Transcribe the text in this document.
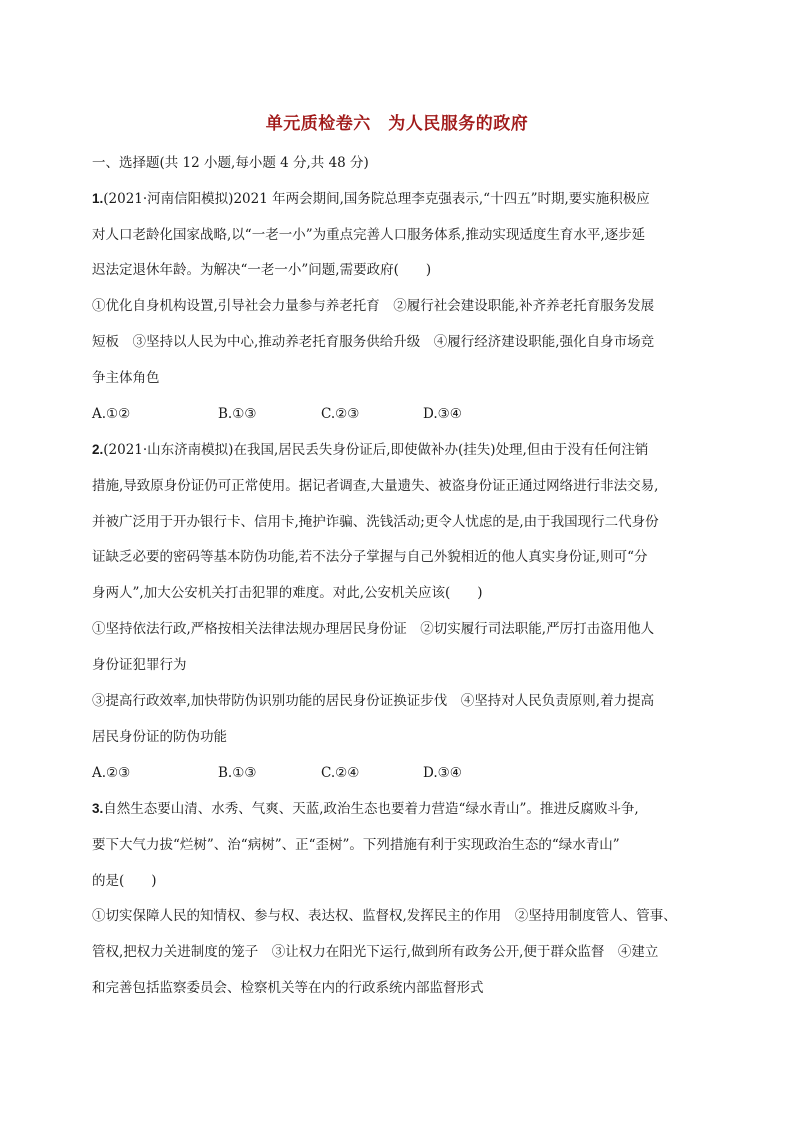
单元质检卷六　为人民服务的政府
一、选择题(共 12 小题,每小题 4 分,共 48 分)
1.(2021·河南信阳模拟)2021 年两会期间,国务院总理李克强表示,“十四五”时期,要实施积极应
对人口老龄化国家战略,以“一老一小”为重点完善人口服务体系,推动实现适度生育水平,逐步延
迟法定退休年龄。为解决“一老一小”问题,需要政府(　　)
①优化自身机构设置,引导社会力量参与养老托育　②履行社会建设职能,补齐养老托育服务发展
短板　③坚持以人民为中心,推动养老托育服务供给升级　④履行经济建设职能,强化自身市场竞
争主体角色
A.①②	B.①③	C.②③	D.③④
2.(2021·山东济南模拟)在我国,居民丢失身份证后,即使做补办(挂失)处理,但由于没有任何注销
措施,导致原身份证仍可正常使用。据记者调查,大量遗失、被盗身份证正通过网络进行非法交易,
并被广泛用于开办银行卡、信用卡,掩护诈骗、洗钱活动;更令人忧虑的是,由于我国现行二代身份
证缺乏必要的密码等基本防伪功能,若不法分子掌握与自己外貌相近的他人真实身份证,则可“分
身两人”,加大公安机关打击犯罪的难度。对此,公安机关应该(　　)
①坚持依法行政,严格按相关法律法规办理居民身份证　②切实履行司法职能,严厉打击盗用他人
身份证犯罪行为
③提高行政效率,加快带防伪识别功能的居民身份证换证步伐　④坚持对人民负责原则,着力提高
居民身份证的防伪功能
A.②③	B.①③	C.②④	D.③④
3.自然生态要山清、水秀、气爽、天蓝,政治生态也要着力营造“绿水青山”。推进反腐败斗争,
要下大气力拔“烂树”、治“病树”、正“歪树”。下列措施有利于实现政治生态的“绿水青山”
的是(　　)
①切实保障人民的知情权、参与权、表达权、监督权,发挥民主的作用　②坚持用制度管人、管事、
管权,把权力关进制度的笼子　③让权力在阳光下运行,做到所有政务公开,便于群众监督　④建立
和完善包括监察委员会、检察机关等在内的行政系统内部监督形式
